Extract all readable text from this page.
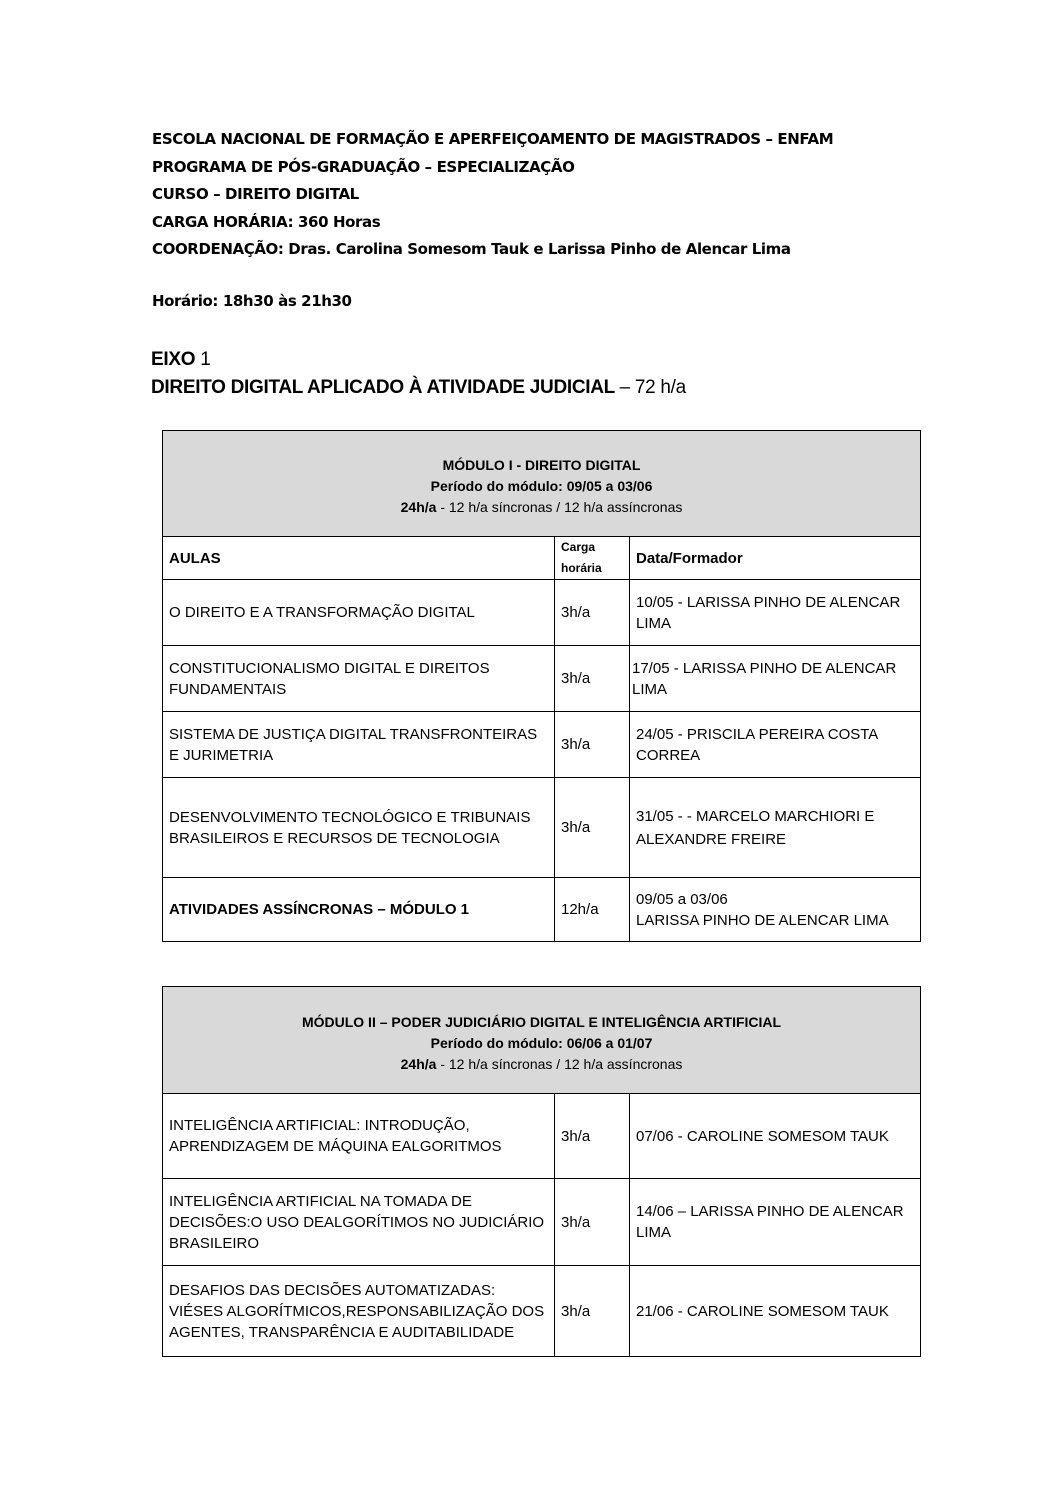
ESCOLA NACIONAL DE FORMAÇÃO E APERFEIÇOAMENTO DE MAGISTRADOS – ENFAM
PROGRAMA DE PÓS-GRADUAÇÃO – ESPECIALIZAÇÃO
CURSO – DIREITO DIGITAL
CARGA HORÁRIA: 360 Horas
COORDENAÇÃO: Dras. Carolina Somesom Tauk e Larissa Pinho de Alencar Lima
Horário: 18h30 às 21h30
EIXO 1
DIREITO DIGITAL APLICADO À ATIVIDADE JUDICIAL – 72 h/a
MÓDULO I - DIREITO DIGITAL
Período do módulo: 09/05 a 03/06
24h/a - 12 h/a síncronas / 12 h/a assíncronas		

AULAS	Carga horária	Data/Formador
O DIREITO E A TRANSFORMAÇÃO DIGITAL	3h/a	10/05 - LARISSA PINHO DE ALENCAR LIMA
CONSTITUCIONALISMO DIGITAL E DIREITOS FUNDAMENTAIS	3h/a	17/05 - LARISSA PINHO DE ALENCAR LIMA
SISTEMA DE JUSTIÇA DIGITAL TRANSFRONTEIRAS E JURIMETRIA	3h/a	24/05 - PRISCILA PEREIRA COSTA CORREA
DESENVOLVIMENTO TECNOLÓGICO E TRIBUNAIS BRASILEIROS E RECURSOS DE TECNOLOGIA	3h/a	31/05 - - MARCELO MARCHIORI E ALEXANDRE FREIRE
ATIVIDADES ASSÍNCRONAS – MÓDULO 1	12h/a	09/05 a 03/06
LARISSA PINHO DE ALENCAR LIMA
MÓDULO II – PODER JUDICIÁRIO DIGITAL E INTELIGÊNCIA ARTIFICIAL
Período do módulo: 06/06 a 01/07
24h/a - 12 h/a síncronas / 12 h/a assíncronas		

INTELIGÊNCIA ARTIFICIAL: INTRODUÇÃO, APRENDIZAGEM DE MÁQUINA EALGORITMOS	3h/a	07/06 - CAROLINE SOMESOM TAUK
INTELIGÊNCIA ARTIFICIAL NA TOMADA DE DECISÕES:O USO DEALGORÍTIMOS NO JUDICIÁRIO BRASILEIRO	3h/a	14/06 – LARISSA PINHO DE ALENCAR LIMA
DESAFIOS DAS DECISÕES AUTOMATIZADAS: VIÉSES ALGORÍTMICOS,RESPONSABILIZAÇÃO DOS AGENTES, TRANSPARÊNCIA E AUDITABILIDADE	3h/a	21/06 - CAROLINE SOMESOM TAUK
